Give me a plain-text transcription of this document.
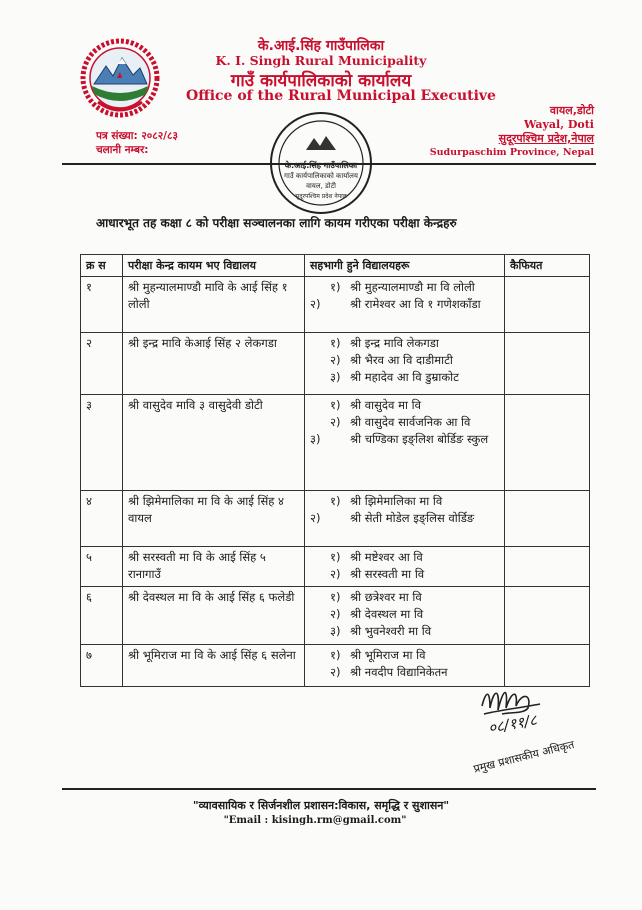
के.आई.सिंह गाउँपालिका
K. I. Singh Rural Municipality
गाउँ कार्यपालिकाको कार्यालय
Office of the Rural Municipal Executive
वायल,डोटी
Wayal, Doti
सुदूरपश्चिम प्रदेश,नेपाल
Sudurpaschim Province, Nepal
पत्र संख्या: २०८२/८३
चलानी नम्बर:
के.आई.सिंह गाउँपालिका
गाउँ कार्यपालिकाको कार्यालय
वायल, डोटी
सुदूरपश्चिम प्रदेश नेपाल
आधारभूत तह कक्षा ८ को परीक्षा सञ्चालनका लागि कायम गरीएका परीक्षा केन्द्रहरु
क्र स	परीक्षा केन्द्र कायम भए विद्यालय	सहभागी हुने विद्यालयहरू	कैफियत
१	श्री मुहन्यालमाण्डौ मावि के आई सिंह १ लोली	१) श्री मुहन्यालमाण्डौ मा वि लोली
२) श्री रामेश्वर आ वि १ गणेशकाँडा	

२	श्री इन्द्र मावि केआई सिंह २ लेकगडा	१) श्री इन्द्र मावि लेकगडा
२) श्री भैरव आ वि दाडीमाटी
३) श्री महादेव आ वि डुम्राकोट	

३	श्री वासुदेव मावि ३ वासुदेवी डोटी	१) श्री वासुदेव मा वि
२) श्री वासुदेव सार्वजनिक आ वि
३) श्री चण्डिका इङ्लिश बोर्डिङ स्कुल	

४	श्री झिमेमालिका मा वि के आई सिंह ४ वायल	१) श्री झिमेमालिका मा वि
२) श्री सेती मोडेल इङ्लिस वोर्डिङ	

५	श्री सरस्वती मा वि के आई सिंह ५ रानागाउँ	१) श्री मष्टेश्वर आ वि
२) श्री सरस्वती मा वि	

६	श्री देवस्थल मा वि के आई सिंह ६ फलेडी	१) श्री छत्रेश्वर मा वि
२) श्री देवस्थल मा वि
३) श्री भुवनेश्वरी मा वि	

७	श्री भूमिराज मा वि के आई सिंह ६ सलेना	१) श्री भूमिराज मा वि
२) श्री नवदीप विद्यानिकेतन	

०८/११/८
प्रमुख प्रशासकीय अधिकृत
"व्यावसायिक र सिर्जनशील प्रशासन:विकास, समृद्धि र सुशासन"
"Email : kisingh.rm@gmail.com"
